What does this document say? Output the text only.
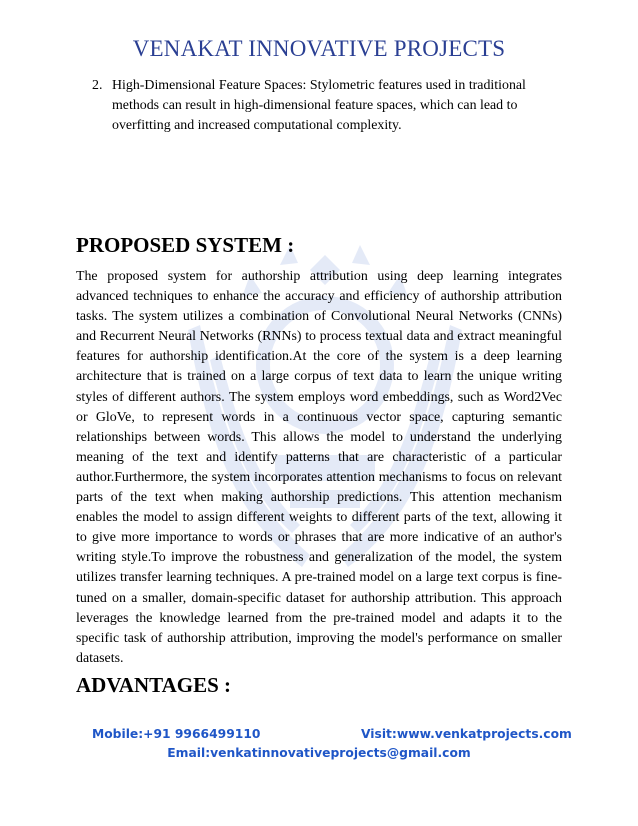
VENAKAT INNOVATIVE PROJECTS
2. High-Dimensional Feature Spaces: Stylometric features used in traditional methods can result in high-dimensional feature spaces, which can lead to overfitting and increased computational complexity.
PROPOSED SYSTEM :
The proposed system for authorship attribution using deep learning integrates advanced techniques to enhance the accuracy and efficiency of authorship attribution tasks. The system utilizes a combination of Convolutional Neural Networks (CNNs) and Recurrent Neural Networks (RNNs) to process textual data and extract meaningful features for authorship identification.At the core of the system is a deep learning architecture that is trained on a large corpus of text data to learn the unique writing styles of different authors. The system employs word embeddings, such as Word2Vec or GloVe, to represent words in a continuous vector space, capturing semantic relationships between words. This allows the model to understand the underlying meaning of the text and identify patterns that are characteristic of a particular author.Furthermore, the system incorporates attention mechanisms to focus on relevant parts of the text when making authorship predictions. This attention mechanism enables the model to assign different weights to different parts of the text, allowing it to give more importance to words or phrases that are more indicative of an author's writing style.To improve the robustness and generalization of the model, the system utilizes transfer learning techniques. A pre-trained model on a large text corpus is fine-tuned on a smaller, domain-specific dataset for authorship attribution. This approach leverages the knowledge learned from the pre-trained model and adapts it to the specific task of authorship attribution, improving the model's performance on smaller datasets.
ADVANTAGES :
Mobile:+91 9966499110	Visit:www.venkatprojects.com
Email:venkatinnovativeprojects@gmail.com
